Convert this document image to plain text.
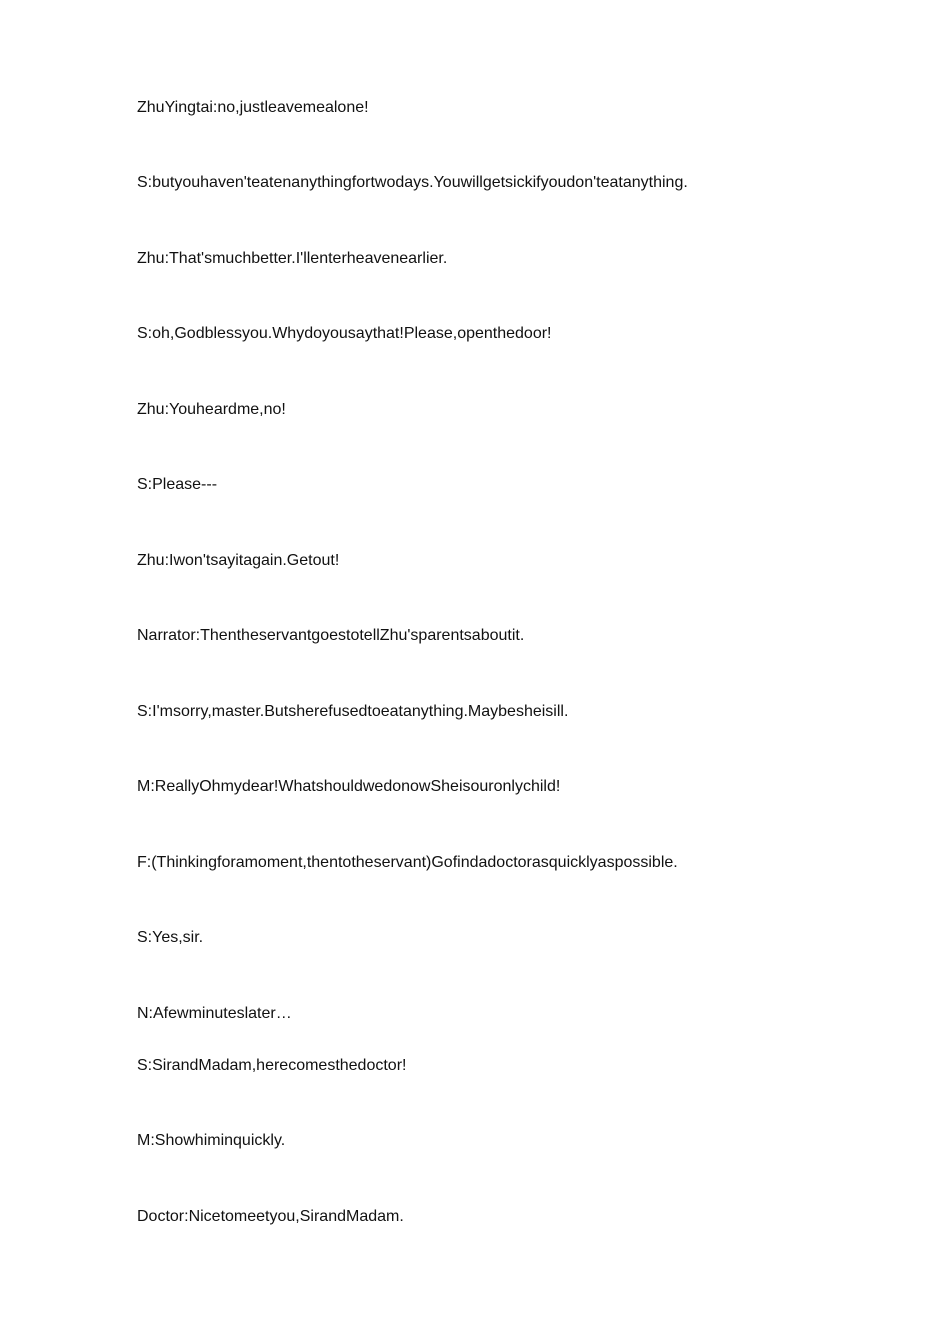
ZhuYingtai:no,justleavemealone!
S:butyouhaven'teatenanythingfortwodays.Youwillgetsickifyoudon'teatanything.
Zhu:That'smuchbetter.I'llenterheavenearlier.
S:oh,Godblessyou.Whydoyousaythat!Please,openthedoor!
Zhu:Youheardme,no!
S:Please---
Zhu:Iwon'tsayitagain.Getout!
Narrator:ThentheservantgoestotellZhu'sparentsaboutit.
S:I'msorry,master.Butsherefusedtoeatanything.Maybesheisill.
M:ReallyOhmydear!WhatshouldwedonowSheisouronlychild!
F:(Thinkingforamoment,thentotheservant)Gofindadoctorasquicklyaspossible.
S:Yes,sir.
N:Afewminuteslater…
S:SirandMadam,herecomesthedoctor!
M:Showhiminquickly.
Doctor:Nicetomeetyou,SirandMadam.
